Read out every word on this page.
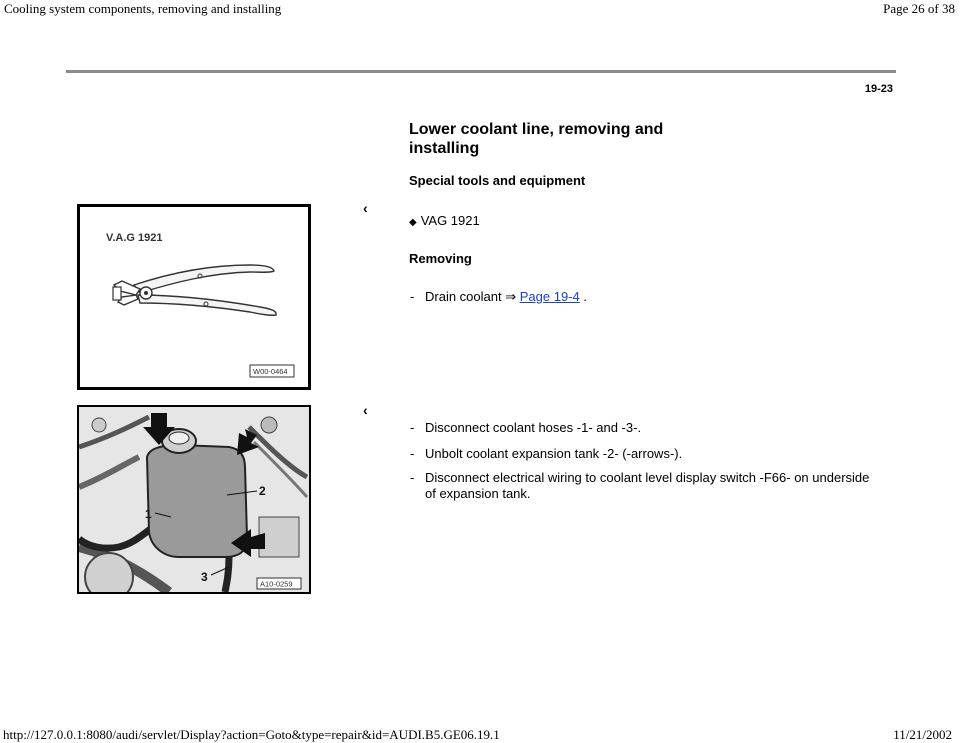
Cooling system components, removing and installing	Page 26 of 38
19-23
Lower coolant line, removing and
installing
Special tools and equipment
V.A.G 1921
W00-0464
2
1
3	A10-0259
‹
‹
◆ VAG 1921
Removing
- Drain coolant ⇒ Page 19-4 .
- Disconnect coolant hoses -1- and -3-.
- Unbolt coolant expansion tank -2- (-arrows-).
- Disconnect electrical wiring to coolant level display switch -F66- on underside of expansion tank.
http://127.0.0.1:8080/audi/servlet/Display?action=Goto&type=repair&id=AUDI.B5.GE06.19.1	11/21/2002
